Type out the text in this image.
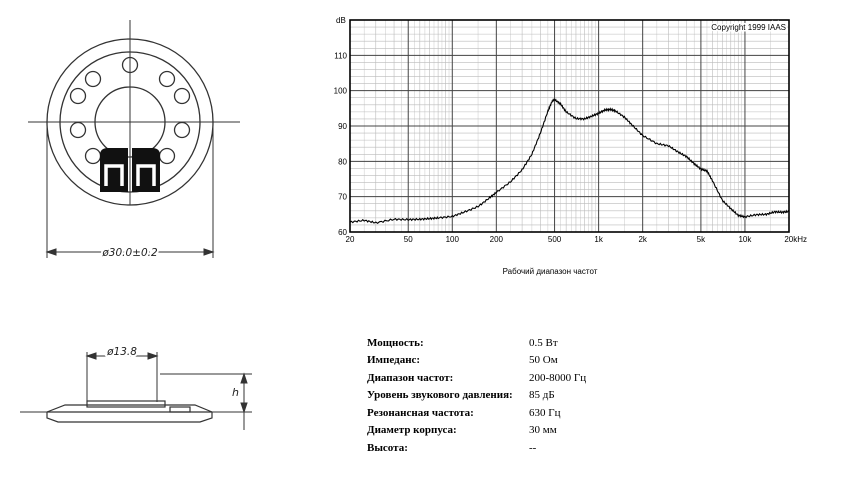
ø30.0±0.2
ø13.8
h
60
70
80
90
100
110
20	50	100	200	500	1k	2k	5k	10k	20kHz
dB
Copyright 1999 IAAS
Рабочий диапазон частот
Мощность:	0.5 Вт
Импеданс:	50 Ом
Диапазон частот:	200-8000 Гц
Уровень звукового давления:	85 дБ
Резонансная частота:	630 Гц
Диаметр корпуса:	30 мм
Высота:	--
